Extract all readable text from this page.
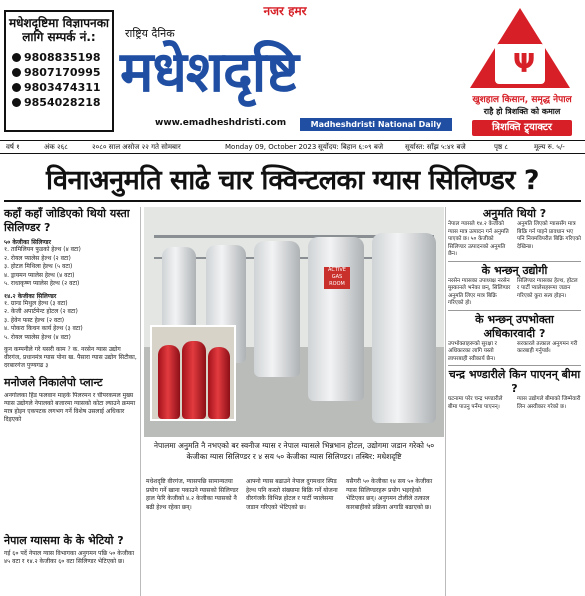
मधेशदृष्टिमा विज्ञापनका लागि सम्पर्क नं.:
9808835198
9807170995
9803474311
9854028218
नजर हमर
राष्ट्रिय दैनिक
मधेशदृष्टि
www.emadheshdristi.com	Madheshdristi National Daily
Ψ
खुशहाल किसान, समृद्ध नेपाल
राहै हो त्रिशक्ति को कमाल
त्रिशक्ति ट्र्याक्टर
वर्ष १	अंक २६८	२०८० साल असोज २२ गते सोमबार	Monday 09, October 2023 सूर्योदय: बिहान ६:०९ बजे	सूर्यास्त: साँझ ५:४१ बजे	पृष्ठ ८	मूल्य रु. ५/-
विनाअनुमति साढे चार क्विन्टलका ग्यास सिलिण्डर ?
कहाँ कहाँ जोडिएको थियो यस्ता सिलिण्डर ?
५० केजीका सिलिण्डर
१. तामिलियन फुडको हेल्थ (४ वटा)
२. रोयल प्यालेस हेल्थ (२ वटा)
३. होटल मिथिला हेल्थ (५ वटा)
४. ड्रायमन प्यालेस हेल्थ (४ वटा)
५. राधाकृष्ण प्यालेस हेल्थ (२ वटा)
१४.२ केजीका सिलिण्डर
१. ग्रान्ड मिथुल हेल्थ (३ वटा)
२. केजी अपार्टमेन्ट होटल (२ वटा)
३. हेवेन फस्ट हेल्थ (२ वटा)
४. पोकरा किचन कार्य हेल्थ (३ वटा)
५. रोयल प्यालेस हेल्थ (४ वटा)
कुन कम्पनीले गरे यसरी काम ? क. नरसेन ग्यास उद्योग वीरगंज, प्रधानमंत्र ग्यास पोना ख. पैसारा ग्यास उद्योग सिटीका, दरबारगंज पुण्यगढ ३
मनोजले निकालेपो प्लान्ट
अनगोलका हिंड फलवान माहके पिलरमन र चीपरकमल मुख्य ग्यास उद्योगले नेपालको बजारमा ग्यासको कोटा ल्याउने क्रममा मात्र होइन एकपटक लगभग गर्ने विशेष उसलाई अधिकार दिइएको
नेपाल ग्यासमा के के भेटियो ?
गई ६० पर्दे नेपाल ग्यास विभागका अनुगमन पछि ५० केजीका ४५ वटा र १४.२ केजीका ६० वटा सिलिण्डर भेटिएको छ।
ACTIVE GAS ROOM
नेपालमा अनुमति नै नभएको बर स्वनीज ग्यास र नेपाल ग्यासले भिन्नभान होटल, उद्योगमा जडान गरेको ५० केजीका ग्यास सिलिण्डर र ४ सय ५० केजीका ग्यास सिलिण्डर। तस्बिर: मधेशदृष्टि
मधेशदृष्टि वीरगंज, ग्यासपछि सामान्यतया प्रयोग गर्ने खाना पकाउने ग्यासको सिलिण्डर हाल फेरि केजीको ४.२ केजीका ग्यासको नै बढी हेल्थ रहेका छन्।
आफ्नो ग्यास बढाउने नेपाल दुगमधार स्पिड हेल्थ पनि कस्तो संख्यामा बिक्रि गर्ने योजना वीरगंजकै विभिन्न होटल र पार्टी प्यालेसमा जडान गरिएको भेटिएको छ।
यसैगरी ५० केजीका १४ सय ५० केजीका ग्यास सिलिण्डरहरू प्रयोग भइरहेको भेटिएका छन्। अनुगमन टोलीले तत्काल कारबाहीको प्रक्रिया अगाडि बढाएको छ।
अनुमति थियो ?
नेपाल ग्यासले १४.२ केजीको ग्यास मात्र उत्पादन गर्न अनुमति पाएको छ। ५० केजीको सिलिण्डर उत्पादनको अनुमति छैन।
अनुमति लिएको ग्याससँग मात्र बिक्रि गर्न पाइने प्रावधान भए पनि नियमविपरीत बिक्रि गरिएको देखिन्छ।
के भन्छन् उद्योगी
नरसेन ग्यासका उपाध्यक्ष नरसेन मुस्कानले भनेका छन्, सिलिण्डर अनुमति लिएर मात्र बिक्रि गरिएको हो।
सिलिण्डर ग्यासका हेल्थ, होटल र पार्टी प्यालेसहरूमा जडान गरिएको कुरा सत्य होइन।
के भन्छन् उपभोक्ता अधिकारवादी ?
उपभोक्ताहरूको सुरक्षा र अधिकारका लागि यस्तो लापरबाही स्वीकार्य छैन।
सरकारले तत्काल अनुगमन गरी कारबाही गर्नुपर्छ।
चन्द्र भण्डारीले किन पाएनन् बीमा ?
घटनामा परेर चन्द्र भण्डारीले बीमा पाउनु पर्नेमा पाएनन्।
ग्यास उद्योगले बीमाको जिम्मेवारी लिन अस्वीकार गरेको छ।
